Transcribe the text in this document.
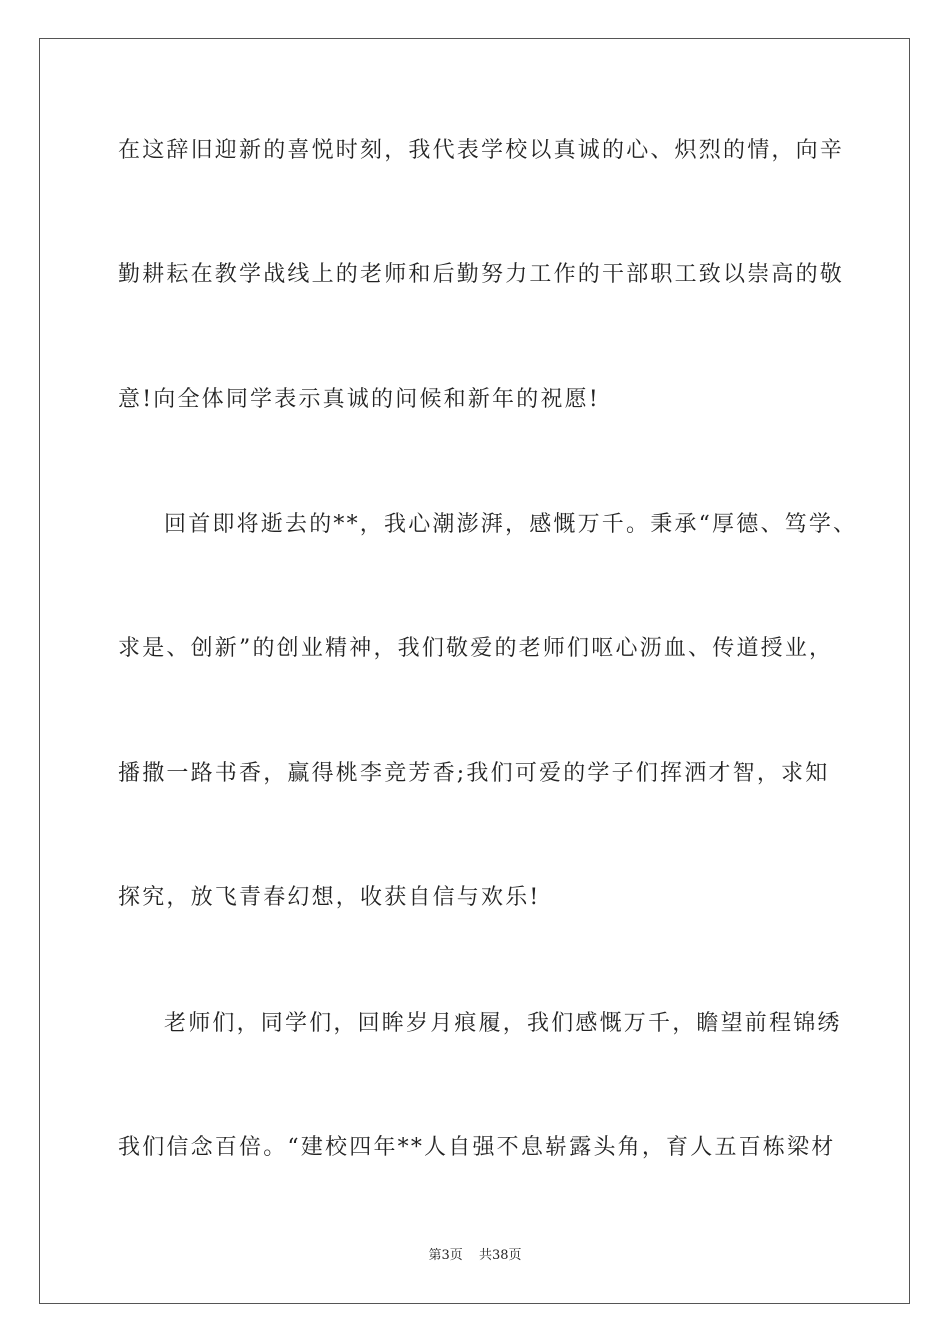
在这辞旧迎新的喜悦时刻，我代表学校以真诚的心、炽烈的情，向辛
勤耕耘在教学战线上的老师和后勤努力工作的干部职工致以崇高的敬
意!向全体同学表示真诚的问候和新年的祝愿!
回首即将逝去的**，我心潮澎湃，感慨万千。秉承“厚德、笃学、
求是、创新”的创业精神，我们敬爱的老师们呕心沥血、传道授业，
播撒一路书香，赢得桃李竞芳香;我们可爱的学子们挥洒才智，求知
探究，放飞青春幻想，收获自信与欢乐!
老师们，同学们，回眸岁月痕履，我们感慨万千，瞻望前程锦绣
我们信念百倍。“建校四年**人自强不息崭露头角，育人五百栋梁材
第3页 共38页
